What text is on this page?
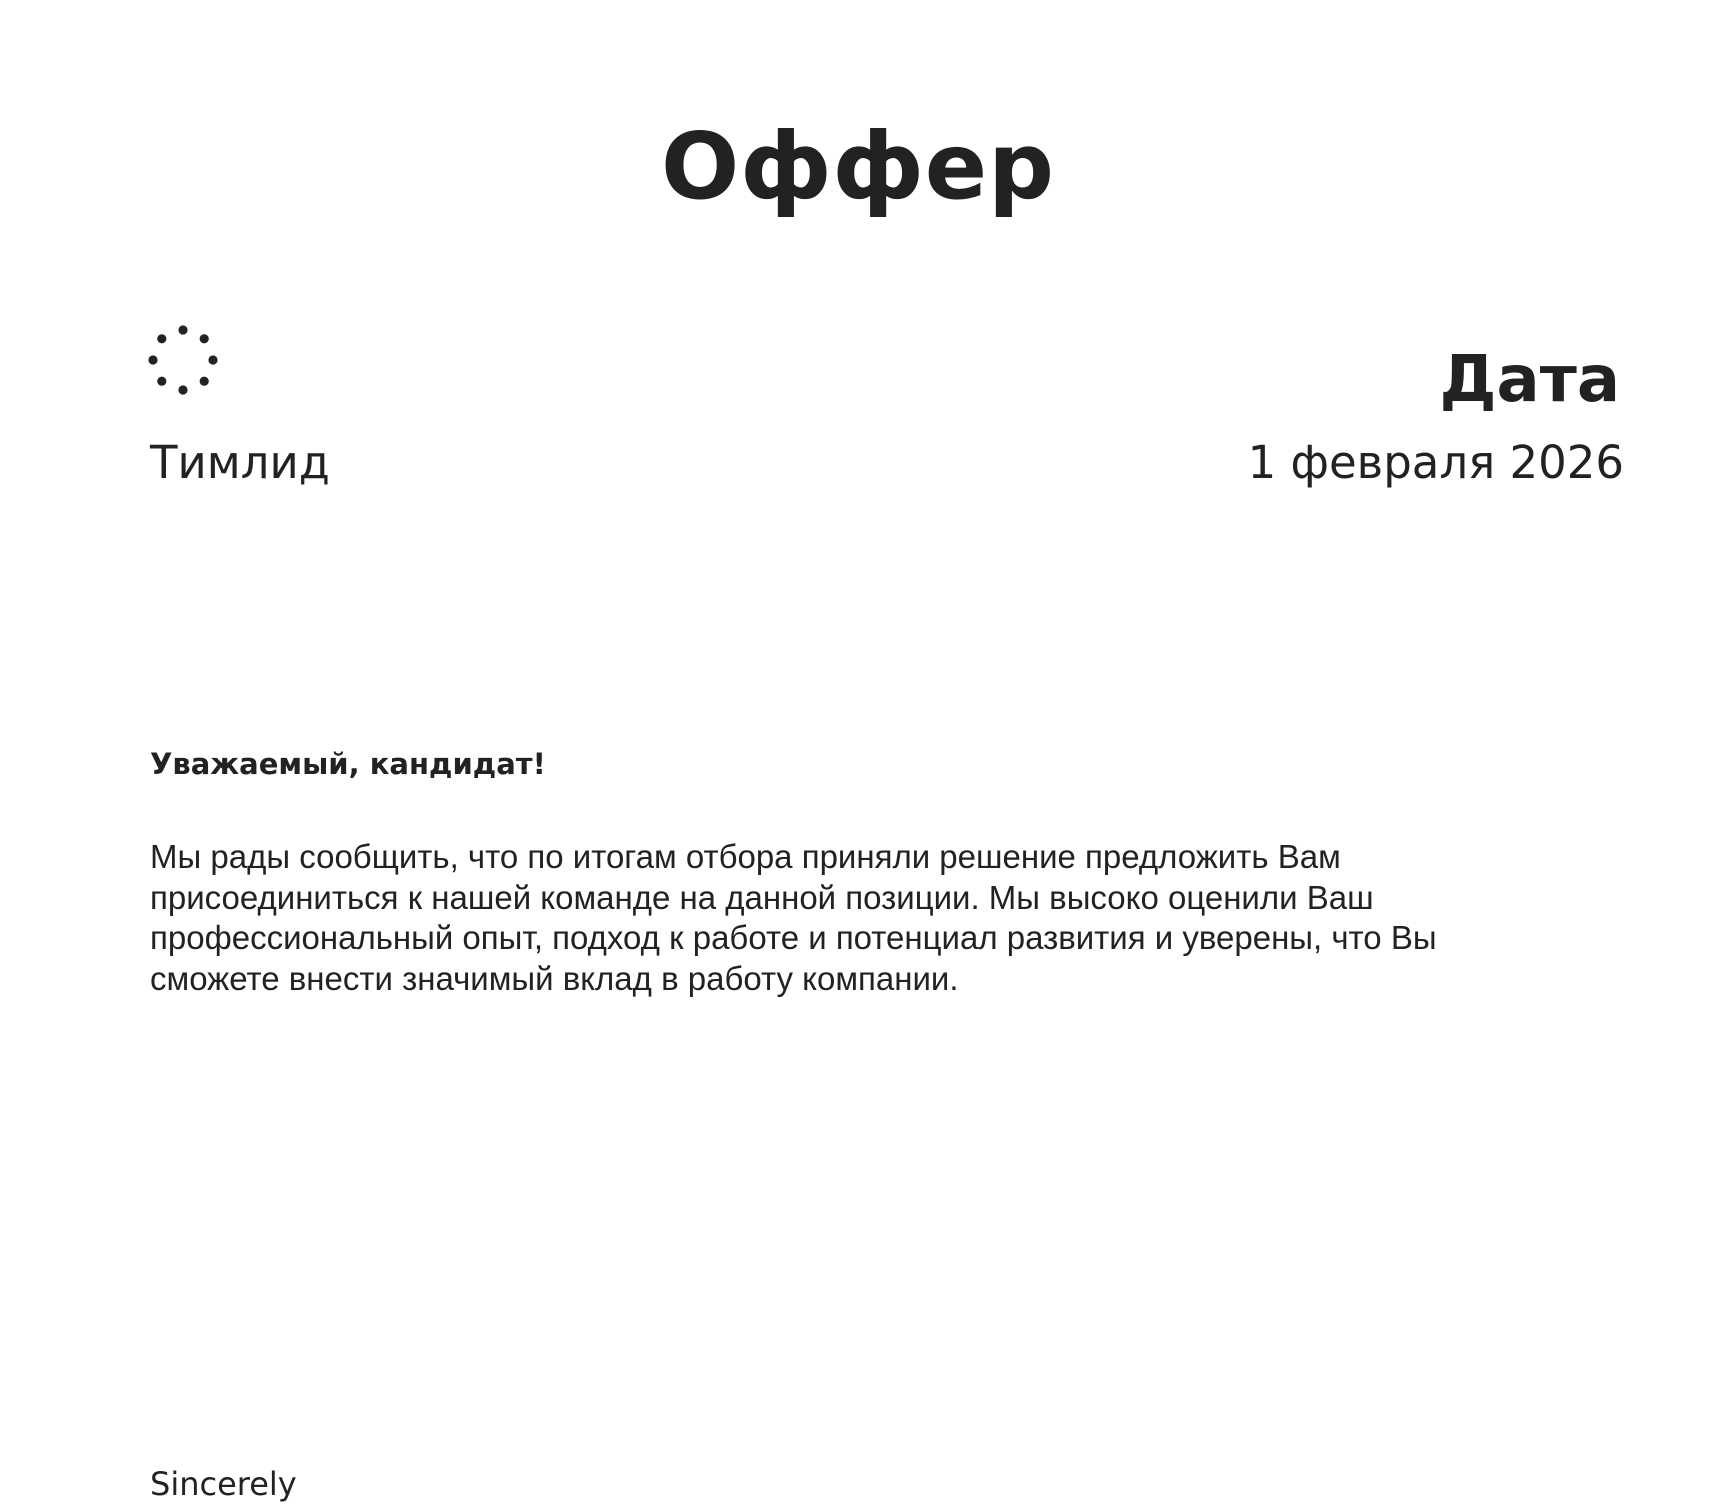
Оффер
Тимлид
Дата
1 февраля 2026
Уважаемый, кандидат!

Мы рады сообщить, что по итогам отбора приняли решение предложить Вам присоединиться к нашей команде на данной позиции. Мы высоко оценили Ваш профессиональный опыт, подход к работе и потенциал развития и уверены, что Вы сможете внести значимый вклад в работу компании.

Sincerely
